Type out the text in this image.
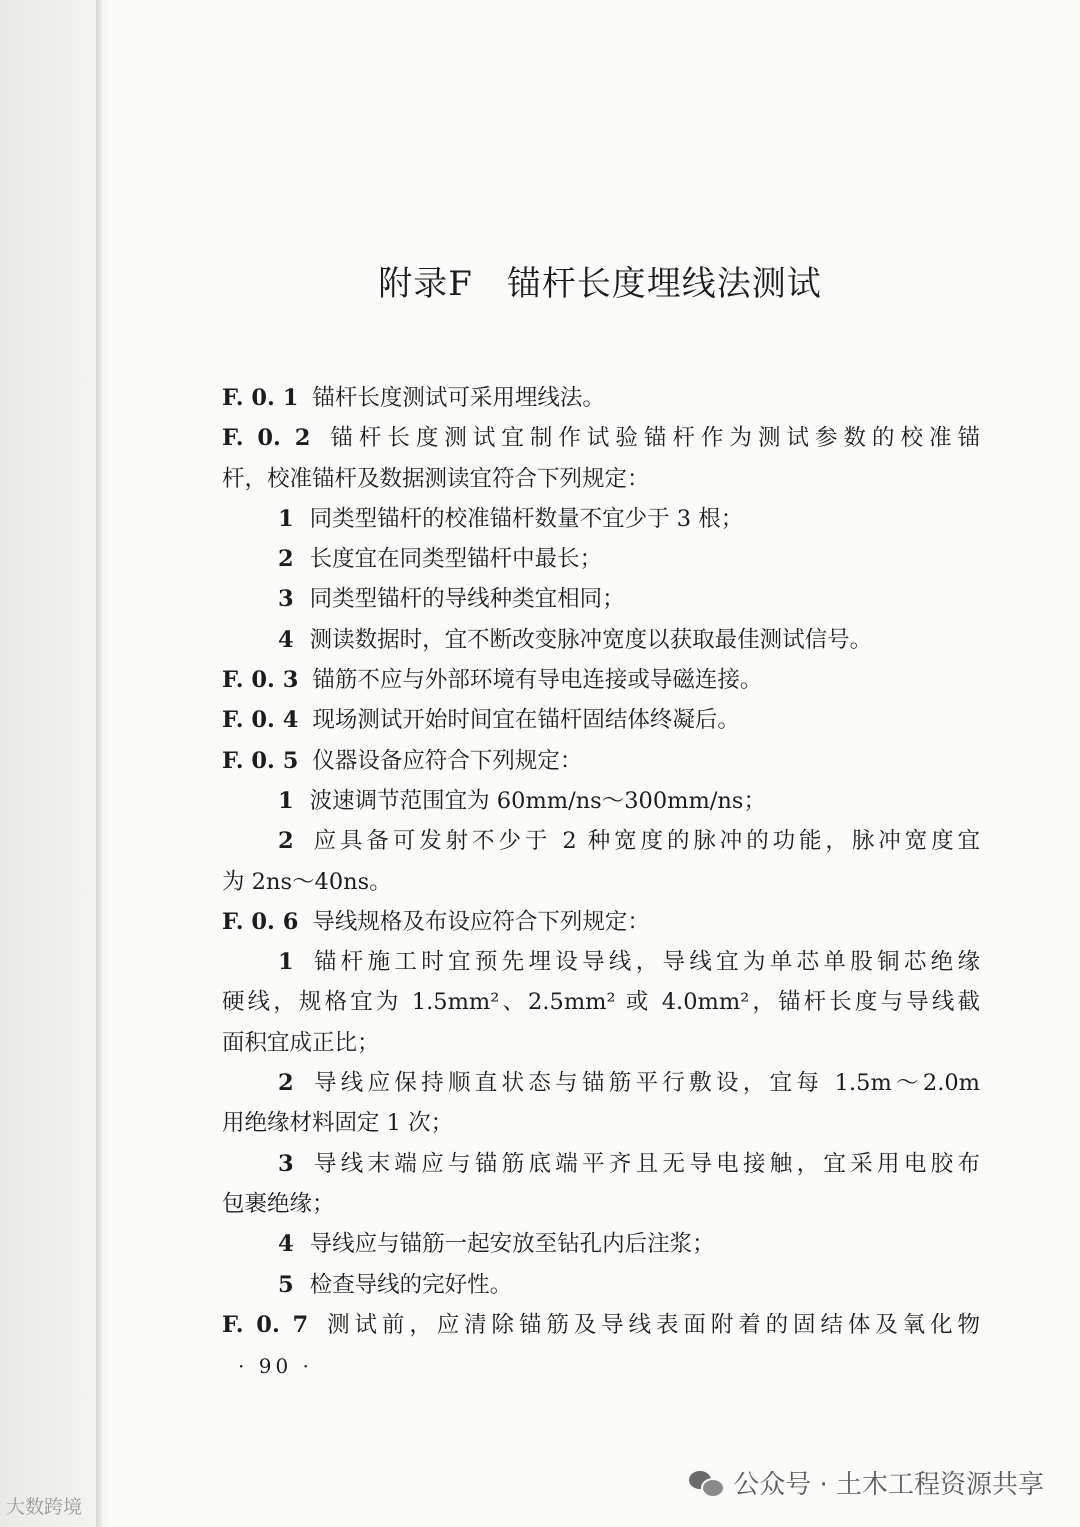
附录F 锚杆长度埋线法测试
F. 0. 1 锚杆长度测试可采用埋线法。
F. 0. 2 锚杆长度测试宜制作试验锚杆作为测试参数的校准锚
杆，校准锚杆及数据测读宜符合下列规定：
1 同类型锚杆的校准锚杆数量不宜少于 3 根；
2 长度宜在同类型锚杆中最长；
3 同类型锚杆的导线种类宜相同；
4 测读数据时，宜不断改变脉冲宽度以获取最佳测试信号。
F. 0. 3 锚筋不应与外部环境有导电连接或导磁连接。
F. 0. 4 现场测试开始时间宜在锚杆固结体终凝后。
F. 0. 5 仪器设备应符合下列规定：
1 波速调节范围宜为 60mm/ns～300mm/ns；
2 应具备可发射不少于 2 种宽度的脉冲的功能，脉冲宽度宜
为 2ns～40ns。
F. 0. 6 导线规格及布设应符合下列规定：
1 锚杆施工时宜预先埋设导线，导线宜为单芯单股铜芯绝缘
硬线，规格宜为 1.5mm²、2.5mm² 或 4.0mm²，锚杆长度与导线截
面积宜成正比；
2 导线应保持顺直状态与锚筋平行敷设，宜每 1.5m～2.0m
用绝缘材料固定 1 次；
3 导线末端应与锚筋底端平齐且无导电接触，宜采用电胶布
包裹绝缘；
4 导线应与锚筋一起安放至钻孔内后注浆；
5 检查导线的完好性。
F. 0. 7 测试前，应清除锚筋及导线表面附着的固结体及氧化物
· 90 ·
公众号 · 土木工程资源共享
大数跨境
